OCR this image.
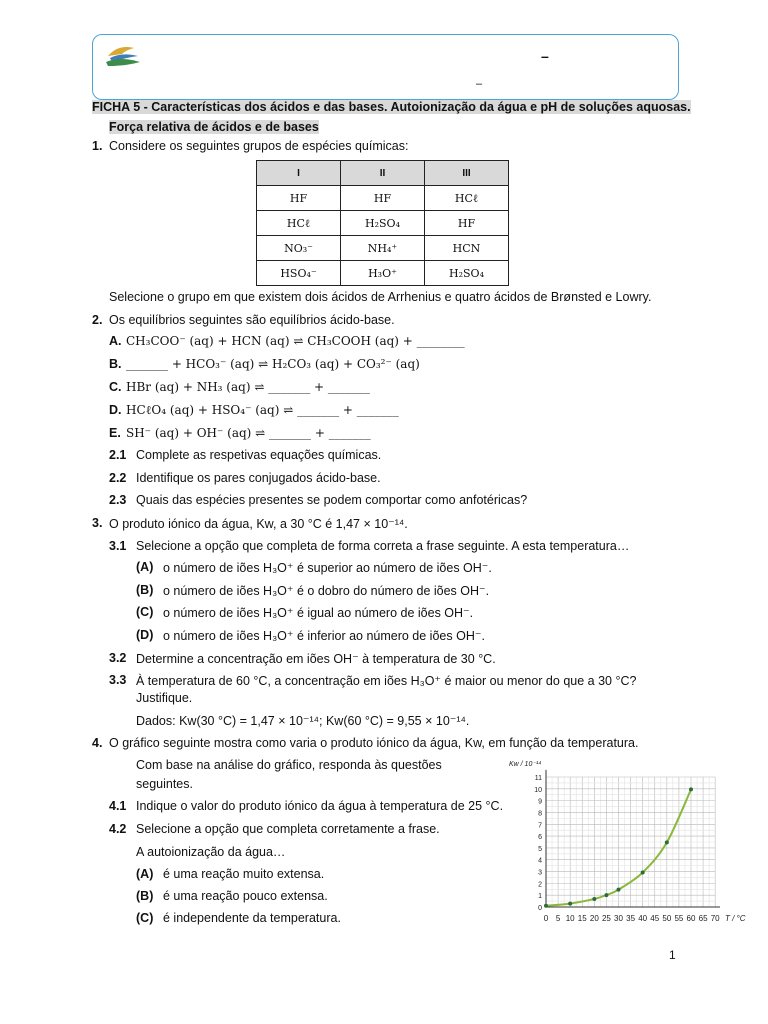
–
–
FICHA 5 - Características dos ácidos e das bases. Autoionização da água e pH de soluções aquosas.
Força relativa de ácidos e de bases
1. Considere os seguintes grupos de espécies químicas:
I	II	III
HF	HF	HCℓ
HCℓ	H₂SO₄	HF
NO₃⁻	NH₄⁺	HCN
HSO₄⁻	H₃O⁺	H₂SO₄
Selecione o grupo em que existem dois ácidos de Arrhenius e quatro ácidos de Brønsted e Lowry.
2. Os equilíbrios seguintes são equilíbrios ácido-base.
A. CH₃COO⁻ (aq) + HCN (aq) ⇌ CH₃COOH (aq) + ________
B. _______ + HCO₃⁻ (aq) ⇌ H₂CO₃ (aq) + CO₃²⁻ (aq)
C. HBr (aq) + NH₃ (aq) ⇌ _______ + _______
D. HCℓO₄ (aq) + HSO₄⁻ (aq) ⇌ _______ + _______
E. SH⁻ (aq) + OH⁻ (aq) ⇌ _______ + _______
2.1 Complete as respetivas equações químicas.
2.2 Identifique os pares conjugados ácido-base.
2.3 Quais das espécies presentes se podem comportar como anfotéricas?
3. O produto iónico da água, Kw, a 30 °C é 1,47 × 10⁻¹⁴.
3.1 Selecione a opção que completa de forma correta a frase seguinte. A esta temperatura…
(A) o número de iões H₃O⁺ é superior ao número de iões OH⁻.
(B) o número de iões H₃O⁺ é o dobro do número de iões OH⁻.
(C) o número de iões H₃O⁺ é igual ao número de iões OH⁻.
(D) o número de iões H₃O⁺ é inferior ao número de iões OH⁻.
3.2 Determine a concentração em iões OH⁻ à temperatura de 30 °C.
3.3 À temperatura de 60 °C, a concentração em iões H₃O⁺ é maior ou menor do que a 30 °C?
Justifique.
Dados: Kw(30 °C) = 1,47 × 10⁻¹⁴; Kw(60 °C) = 9,55 × 10⁻¹⁴.
4. O gráfico seguinte mostra como varia o produto iónico da água, Kw, em função da temperatura.
Com base na análise do gráfico, responda às questões
seguintes.
4.1 Indique o valor do produto iónico da água à temperatura de 25 °C.
4.2 Selecione a opção que completa corretamente a frase.
A autoionização da água…
(A) é uma reação muito extensa.
(B) é uma reação pouco extensa.
(C) é independente da temperatura.	0 5 10 15 20 25 30 35 40 45 50 55 60 65 70
0
1
2
3
4
5
6
7
8
9
10
11
Kw / 10⁻¹⁴
T / °C
1
